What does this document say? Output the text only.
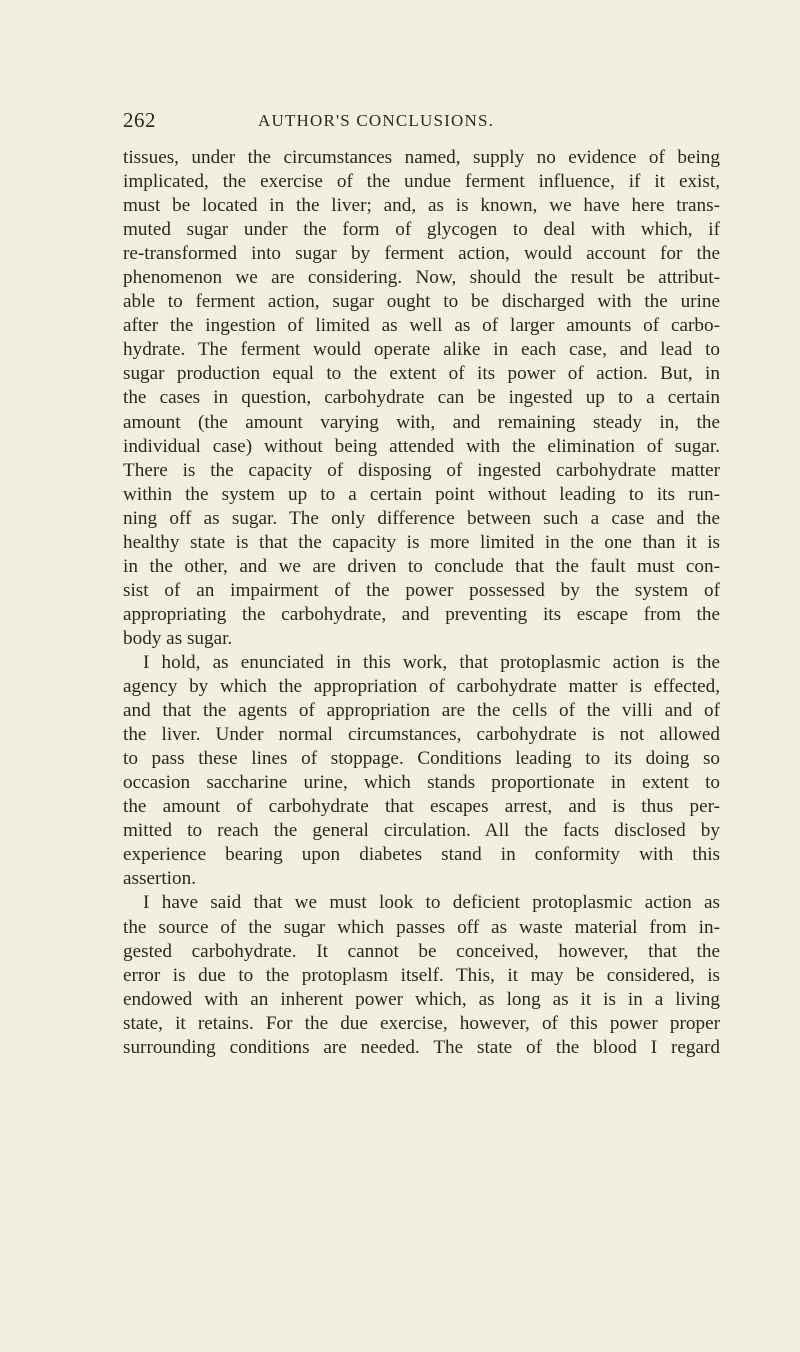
262	AUTHOR'S CONCLUSIONS.
tissues, under the circumstances named, supply no evidence of being
implicated, the exercise of the undue ferment influence, if it exist,
must be located in the liver; and, as is known, we have here trans-
muted sugar under the form of glycogen to deal with which, if
re-transformed into sugar by ferment action, would account for the
phenomenon we are considering. Now, should the result be attribut-
able to ferment action, sugar ought to be discharged with the urine
after the ingestion of limited as well as of larger amounts of carbo-
hydrate. The ferment would operate alike in each case, and lead to
sugar production equal to the extent of its power of action. But, in
the cases in question, carbohydrate can be ingested up to a certain
amount (the amount varying with, and remaining steady in, the
individual case) without being attended with the elimination of sugar.
There is the capacity of disposing of ingested carbohydrate matter
within the system up to a certain point without leading to its run-
ning off as sugar. The only difference between such a case and the
healthy state is that the capacity is more limited in the one than it is
in the other, and we are driven to conclude that the fault must con-
sist of an impairment of the power possessed by the system of
appropriating the carbohydrate, and preventing its escape from the
body as sugar.
I hold, as enunciated in this work, that protoplasmic action is the
agency by which the appropriation of carbohydrate matter is effected,
and that the agents of appropriation are the cells of the villi and of
the liver. Under normal circumstances, carbohydrate is not allowed
to pass these lines of stoppage. Conditions leading to its doing so
occasion saccharine urine, which stands proportionate in extent to
the amount of carbohydrate that escapes arrest, and is thus per-
mitted to reach the general circulation. All the facts disclosed by
experience bearing upon diabetes stand in conformity with this
assertion.
I have said that we must look to deficient protoplasmic action as
the source of the sugar which passes off as waste material from in-
gested carbohydrate. It cannot be conceived, however, that the
error is due to the protoplasm itself. This, it may be considered, is
endowed with an inherent power which, as long as it is in a living
state, it retains. For the due exercise, however, of this power proper
surrounding conditions are needed. The state of the blood I regard
